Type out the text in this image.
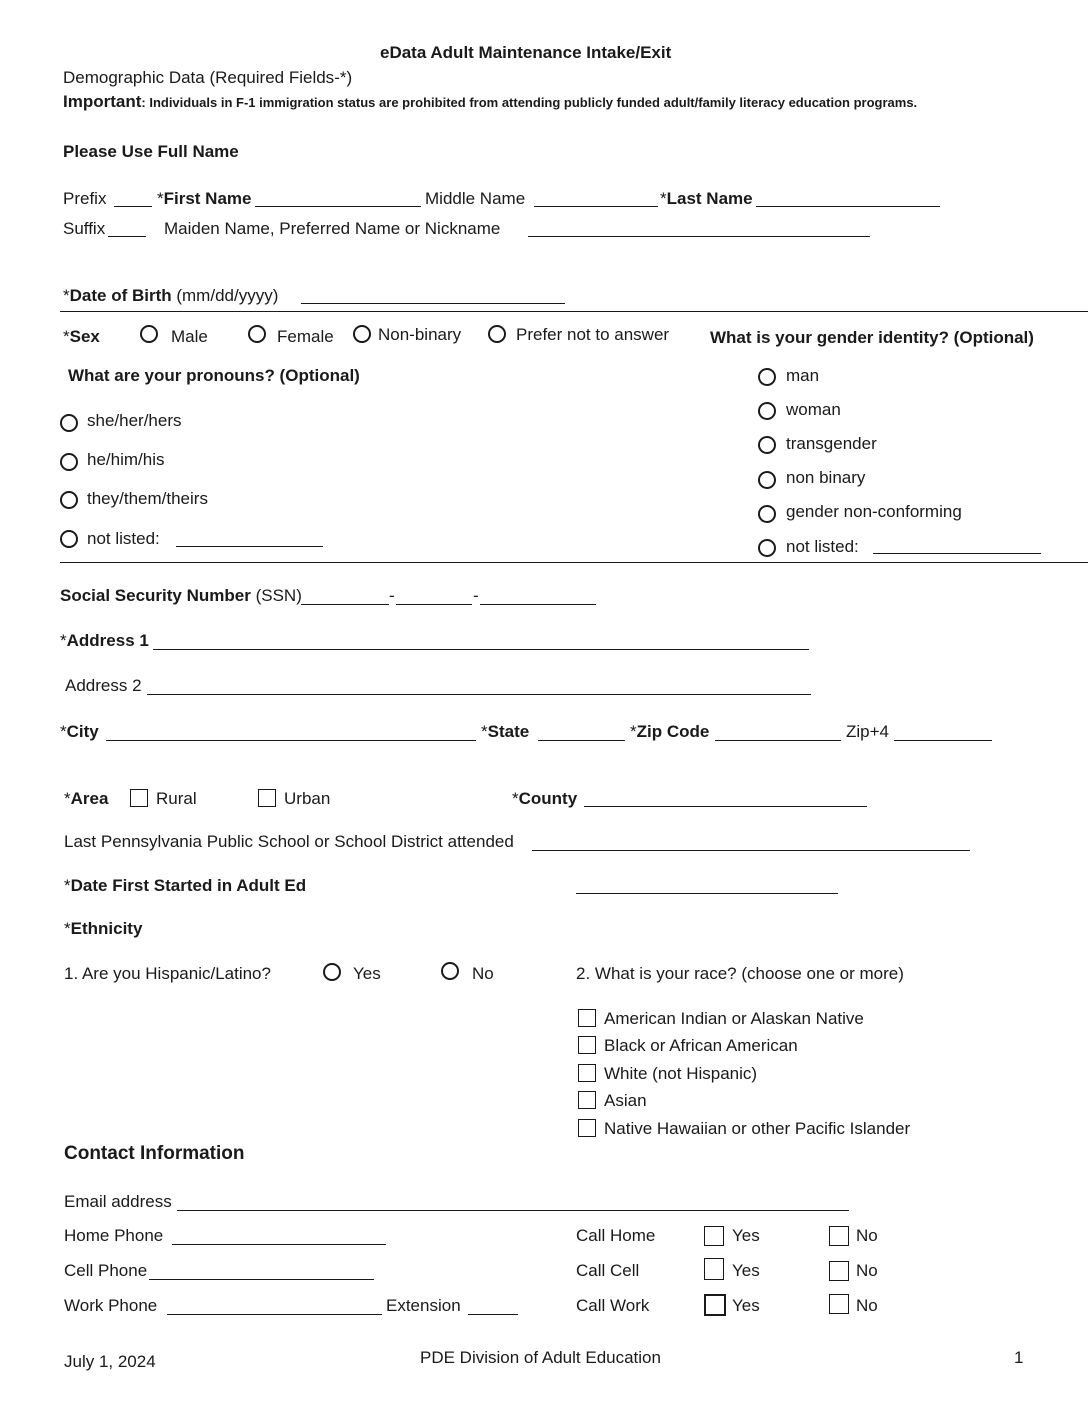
eData Adult Maintenance Intake/Exit
Demographic Data (Required Fields-*)
Important: Individuals in F-1 immigration status are prohibited from attending publicly funded adult/family literacy education programs.
Please Use Full Name
Prefix	*First Name	Middle Name	*Last Name
Suffix	Maiden Name, Preferred Name or Nickname
*Date of Birth (mm/dd/yyyy)
*Sex	Male	Female	Non-binary	Prefer not to answer What is your gender identity? (Optional)
man
woman
transgender
non binary
gender non-conforming
not listed:
What are your pronouns? (Optional)
she/her/hers
he/him/his
they/them/theirs
not listed:
Social Security Number (SSN)	-	-
*Address 1
Address 2
*City	*State	*Zip Code	Zip+4
*Area	Rural	Urban	*County
Last Pennsylvania Public School or School District attended
*Date First Started in Adult Ed
*Ethnicity
1. Are you Hispanic/Latino?	Yes	No	2. What is your race? (choose one or more)
American Indian or Alaskan Native
Black or African American
White (not Hispanic)
Asian
Native Hawaiian or other Pacific Islander
Contact Information
Email address
Home Phone	Call Home	Yes	No
Cell Phone	Call Cell	Yes	No
Work Phone	Extension	Call Work	Yes	No
July 1, 2024	PDE Division of Adult Education	1
